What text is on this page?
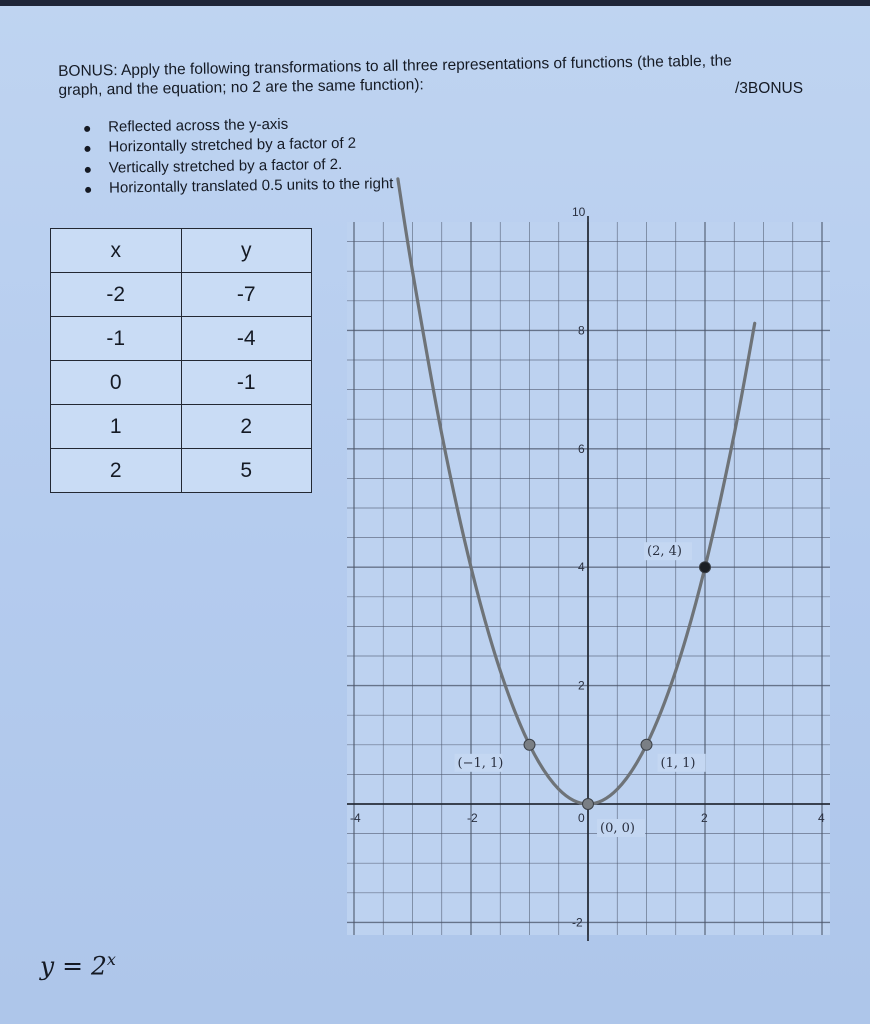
BONUS: Apply the following transformations to all three representations of functions (the table, the graph, and the equation; no 2 are the same function):	/3BONUS
Reflected across the y-axis
Horizontally stretched by a factor of 2
Vertically stretched by a factor of 2.
Horizontally translated 0.5 units to the right
x	y
-2	-7
-1	-4
0	-1
1	2
2	5
-4	-2	0	2	4
10
8
6
4
2
-2
(−1, 1)
(0, 0)
(1, 1)
(2, 4)
$y = 2^x$
